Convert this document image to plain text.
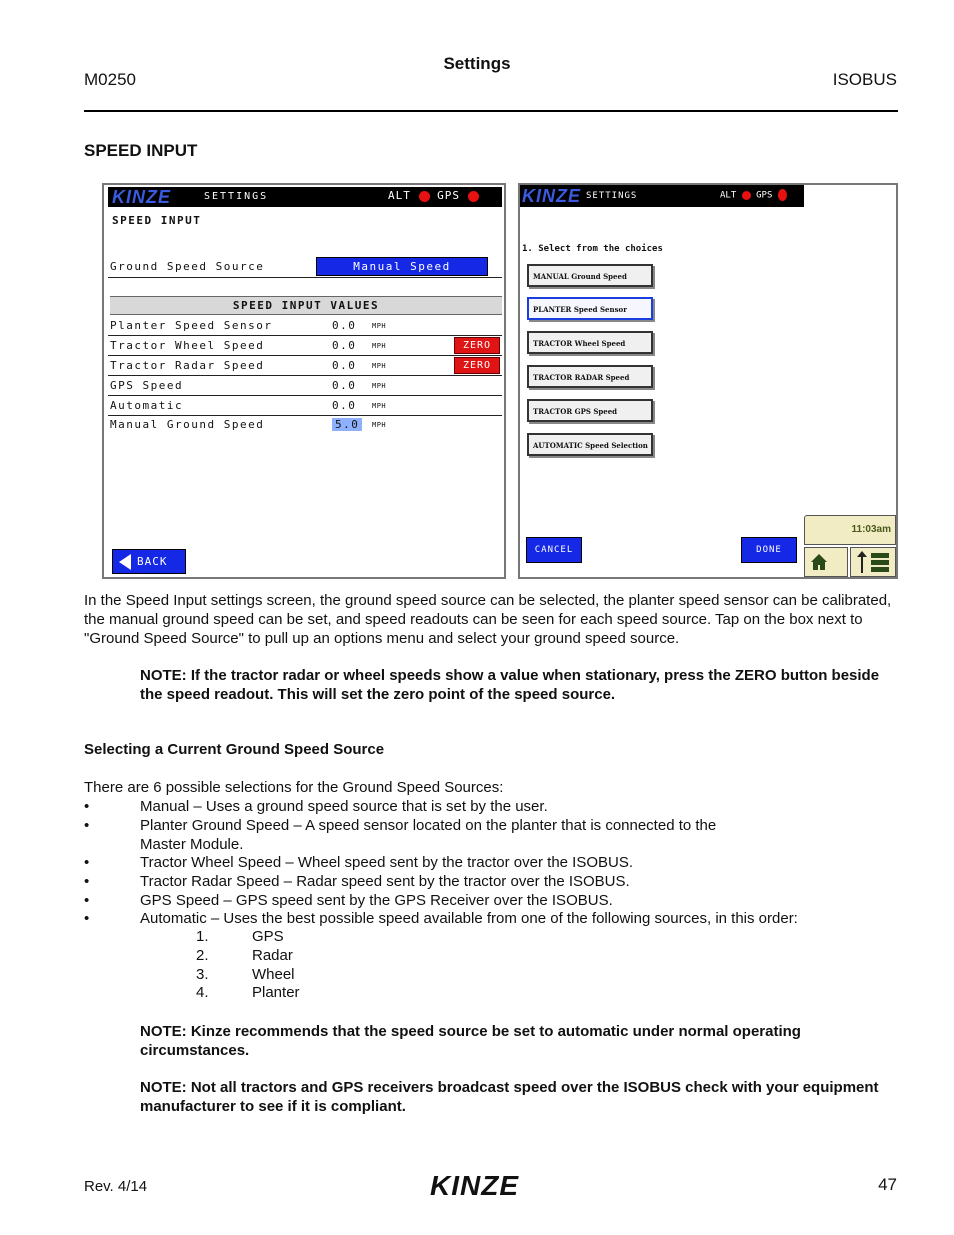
M0250
Settings
ISOBUS
SPEED INPUT
KINZE	SETTINGS	ALT GPS
SPEED INPUT
Ground Speed Source	Manual Speed
SPEED INPUT VALUES
Planter Speed Sensor	0.0 MPH
Tractor Wheel Speed	0.0 MPH	ZERO
Tractor Radar Speed	0.0 MPH	ZERO
GPS Speed	0.0 MPH
Automatic	0.0 MPH
Manual Ground Speed	5.0	MPH
BACK
KINZE SETTINGS	ALT GPS
1. Select from the choices
MANUAL Ground Speed
PLANTER Speed Sensor
TRACTOR Wheel Speed
TRACTOR RADAR Speed
TRACTOR GPS Speed
AUTOMATIC Speed Selection
CANCEL	DONE
11:03am
In the Speed Input settings screen, the ground speed source can be selected, the planter speed sensor can be calibrated, the manual ground speed can be set, and speed readouts can be seen for each speed source. Tap on the box next to "Ground Speed Source" to pull up an options menu and select your ground speed source.
NOTE: If the tractor radar or wheel speeds show a value when stationary, press the ZERO button beside the speed readout. This will set the zero point of the speed source.
Selecting a Current Ground Speed Source
There are 6 possible selections for the Ground Speed Sources:
•	Manual – Uses a ground speed source that is set by the user.
•	Planter Ground Speed – A speed sensor located on the planter that is connected to the Master Module.
•	Tractor Wheel Speed – Wheel speed sent by the tractor over the ISOBUS.
•	Tractor Radar Speed – Radar speed sent by the tractor over the ISOBUS.
•	GPS Speed – GPS speed sent by the GPS Receiver over the ISOBUS.
•	Automatic – Uses the best possible speed available from one of the following sources, in this order:
1.	GPS
2.	Radar
3.	Wheel
4.	Planter
NOTE: Kinze recommends that the speed source be set to automatic under normal operating circumstances.
NOTE: Not all tractors and GPS receivers broadcast speed over the ISOBUS check with your equipment manufacturer to see if it is compliant.
Rev. 4/14	KINZE	47
